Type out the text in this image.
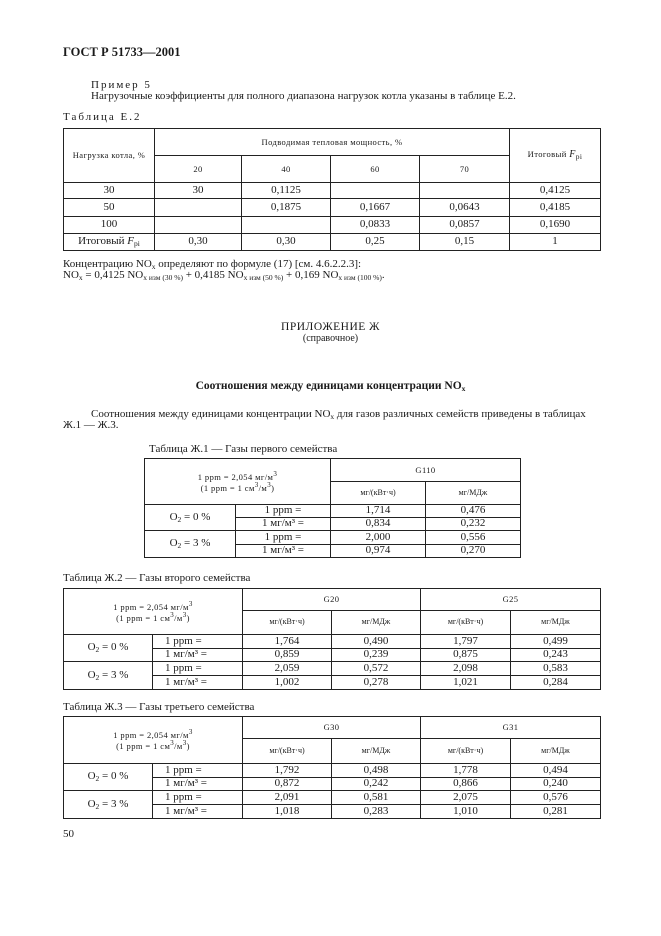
ГОСТ Р 51733—2001
Пример 5
Нагрузочные коэффициенты для полного диапазона нагрузок котла указаны в таблице Е.2.
Таблица Е.2
Нагрузка котла, %	Подводимая тепловая мощность, %				Итоговый Fpi
	20	40	60	70	
30	30	0,1125			0,4125
50		0,1875	0,1667	0,0643	0,4185
100			0,0833	0,0857	0,1690
Итоговый Fpi	0,30	0,30	0,25	0,15	1
Концентрацию NOx определяют по формуле (17) [см. 4.6.2.2.3]:
NOx = 0,4125 NOx изм (30 %) + 0,4185 NOx изм (50 %) + 0,169 NOx изм (100 %).
ПРИЛОЖЕНИЕ Ж
(справочное)
Соотношения между единицами концентрации NOx
Соотношения между единицами концентрации NOx для газов различных семейств приведены в таблицах
Ж.1 — Ж.3.
Таблица Ж.1 — Газы первого семейства
1 ppm = 2,054 $мг/м^3$
(1 ppm = 1 $см^3/м^3$)		G110	
		мг/(кВт·ч)	мг/МДж
O2 = 0 %	1 ppm =	1,714	0,476
	1 мг/м³ =	0,834	0,232
O2 = 3 %	1 ppm =	2,000	0,556
	1 мг/м³ =	0,974	0,270
Таблица Ж.2 — Газы второго семейства
1 ppm = 2,054 $мг/м^3$
(1 ppm = 1 $см^3/м^3$)		G20		G25	
		мг/(кВт·ч)	мг/МДж	мг/(кВт·ч)	мг/МДж
O2 = 0 %	1 ppm =	1,764	0,490	1,797	0,499
	1 мг/м³ =	0,859	0,239	0,875	0,243
O2 = 3 %	1 ppm =	2,059	0,572	2,098	0,583
	1 мг/м³ =	1,002	0,278	1,021	0,284
Таблица Ж.3 — Газы третьего семейства
1 ppm = 2,054 $мг/м^3$
(1 ppm = 1 $см^3/м^3$)		G30		G31	
		мг/(кВт·ч)	мг/МДж	мг/(кВт·ч)	мг/МДж
O2 = 0 %	1 ppm =	1,792	0,498	1,778	0,494
	1 мг/м³ =	0,872	0,242	0,866	0,240
O2 = 3 %	1 ppm =	2,091	0,581	2,075	0,576
	1 мг/м³ =	1,018	0,283	1,010	0,281
50
